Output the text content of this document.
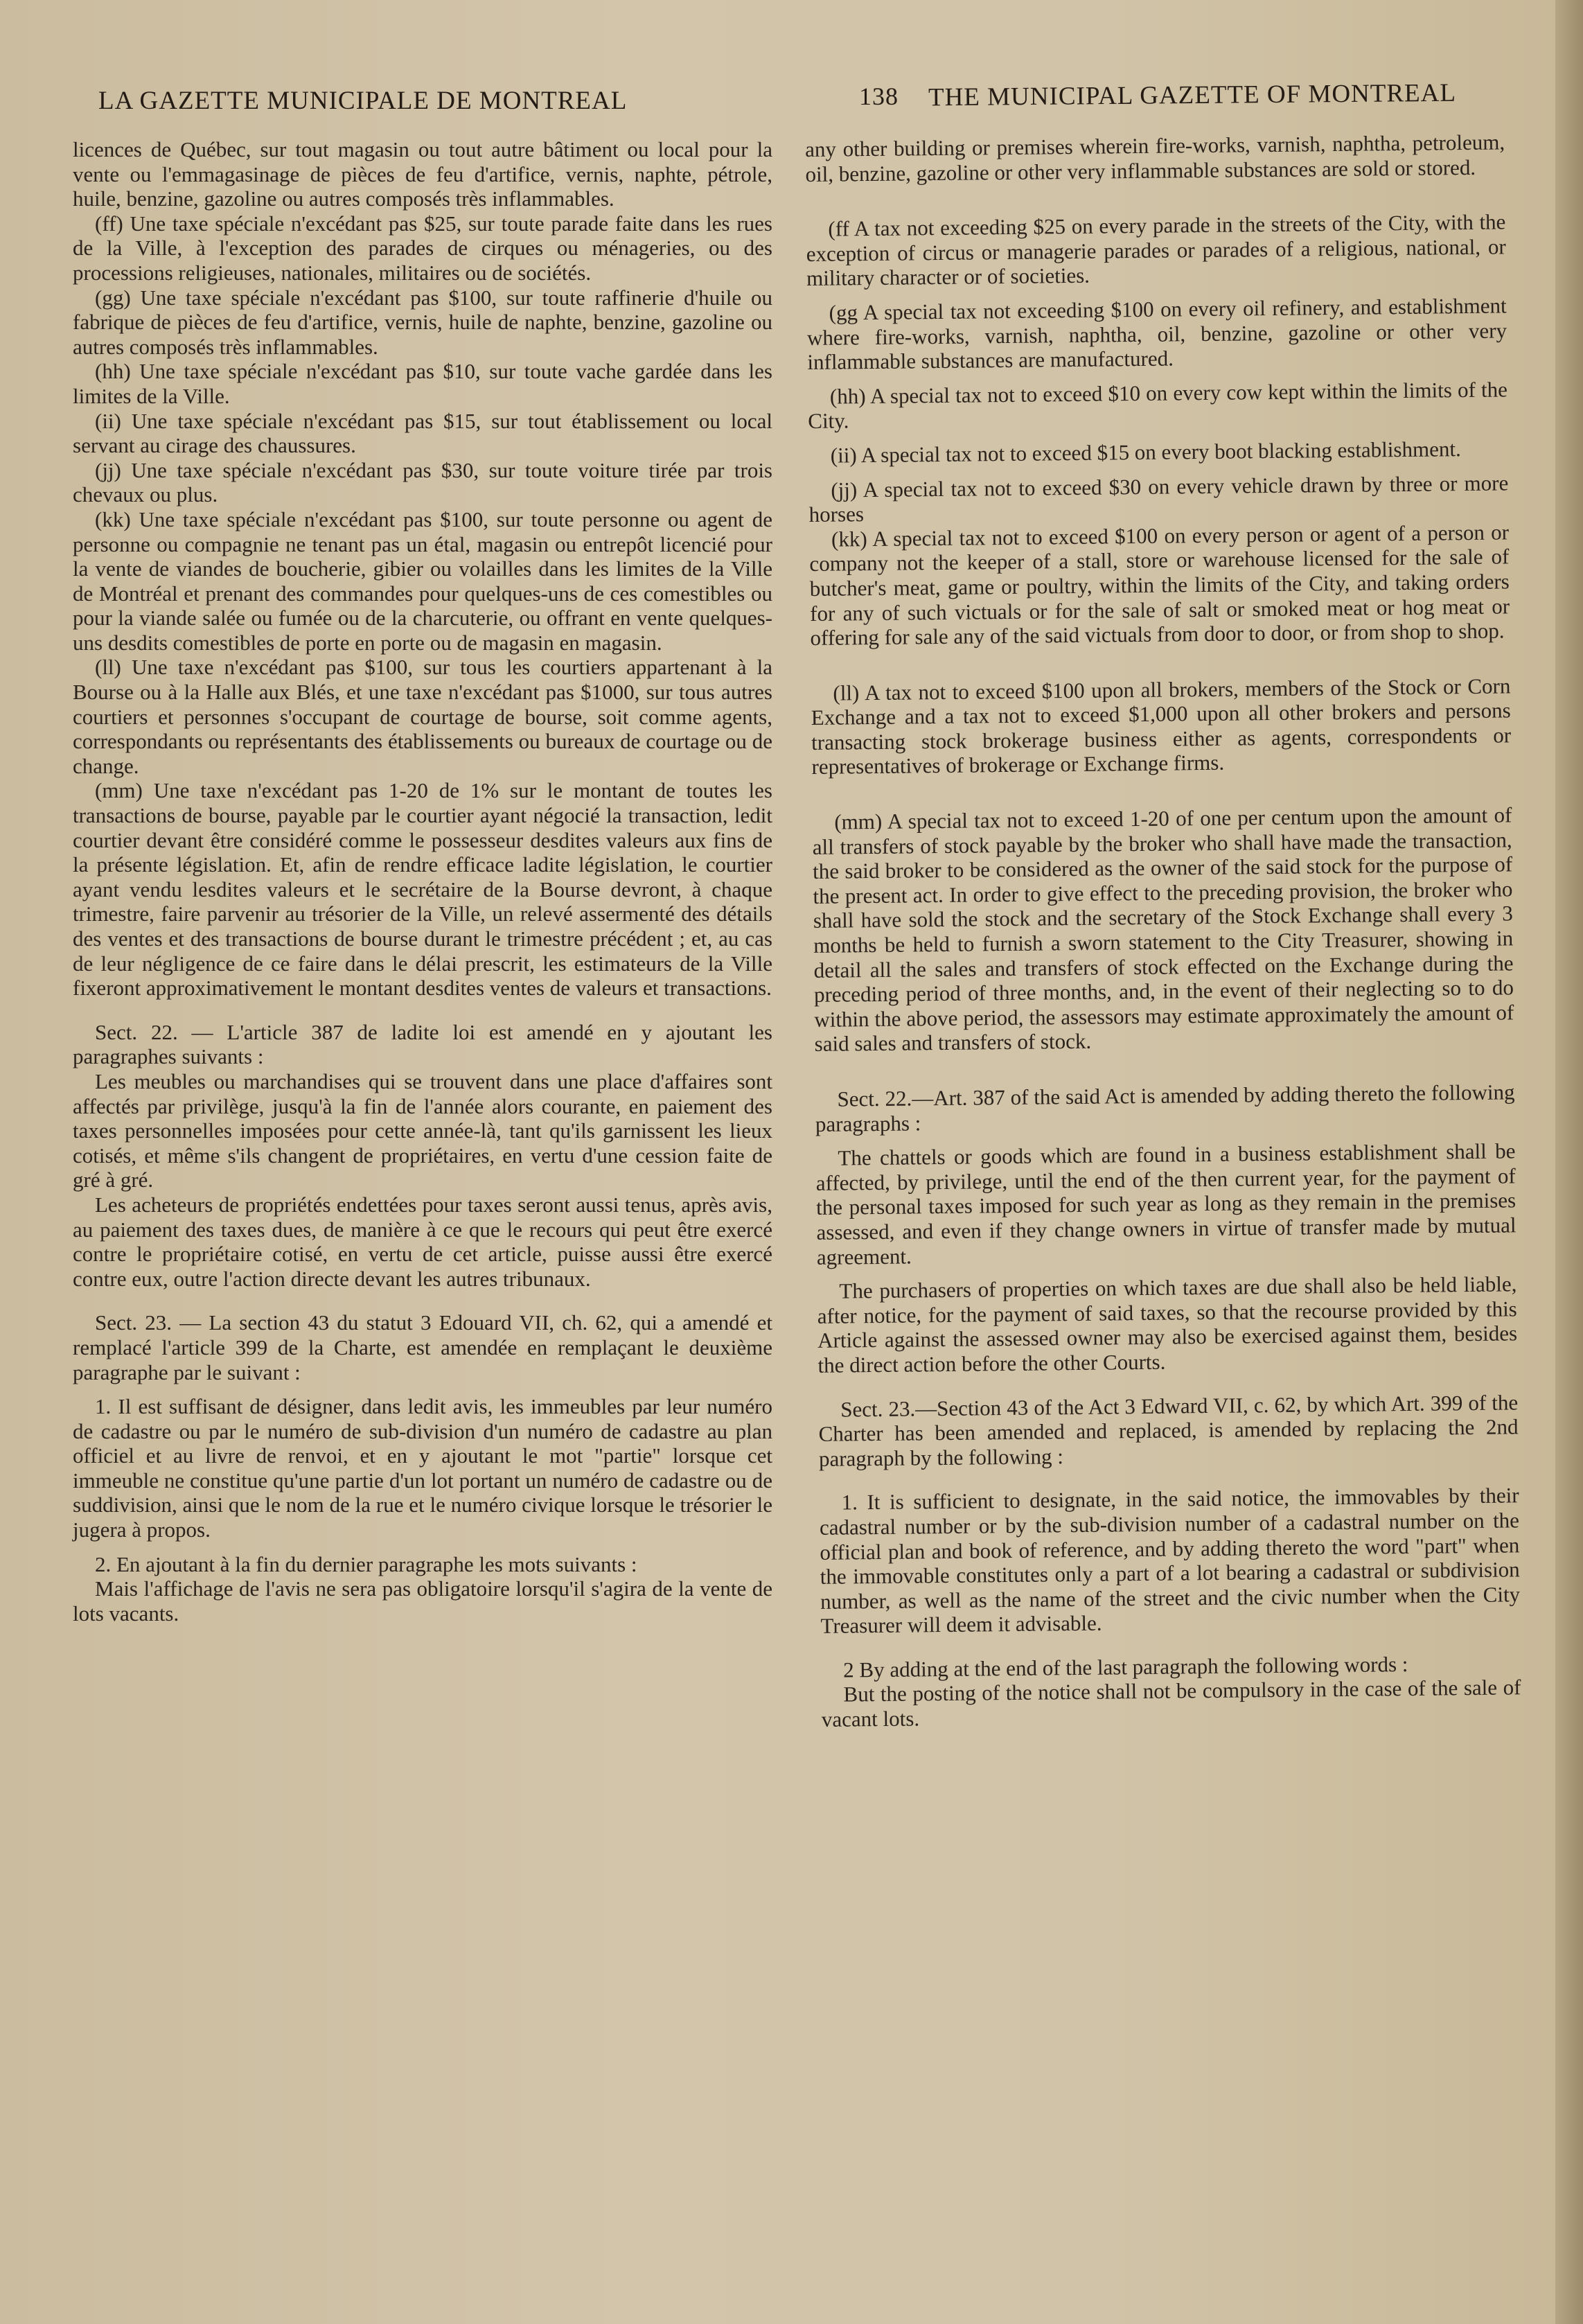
LA GAZETTE MUNICIPALE DE MONTREAL	138 THE MUNICIPAL GAZETTE OF MONTREAL

licences de Québec, sur tout magasin ou tout autre bâtiment ou local pour la vente ou l'emmagasinage de pièces de feu d'artifice, vernis, naphte, pétrole, huile, benzine, gazoline ou autres composés très inflammables.

(ff) Une taxe spéciale n'excédant pas $25, sur toute parade faite dans les rues de la Ville, à l'exception des parades de cirques ou ménageries, ou des processions religieuses, nationales, militaires ou de sociétés.

(gg) Une taxe spéciale n'excédant pas $100, sur toute raffinerie d'huile ou fabrique de pièces de feu d'artifice, vernis, huile de naphte, benzine, gazoline ou autres composés très inflammables.

(hh) Une taxe spéciale n'excédant pas $10, sur toute vache gardée dans les limites de la Ville.

(ii) Une taxe spéciale n'excédant pas $15, sur tout établissement ou local servant au cirage des chaussures.

(jj) Une taxe spéciale n'excédant pas $30, sur toute voiture tirée par trois chevaux ou plus.

(kk) Une taxe spéciale n'excédant pas $100, sur toute personne ou agent de personne ou compagnie ne tenant pas un étal, magasin ou entrepôt licencié pour la vente de viandes de boucherie, gibier ou volailles dans les limites de la Ville de Montréal et prenant des commandes pour quelques-uns de ces comestibles ou pour la viande salée ou fumée ou de la charcuterie, ou offrant en vente quelques-uns desdits comestibles de porte en porte ou de magasin en magasin.

(ll) Une taxe n'excédant pas $100, sur tous les courtiers appartenant à la Bourse ou à la Halle aux Blés, et une taxe n'excédant pas $1000, sur tous autres courtiers et personnes s'occupant de courtage de bourse, soit comme agents, correspondants ou représentants des établissements ou bureaux de courtage ou de change.

(mm) Une taxe n'excédant pas 1-20 de 1% sur le montant de toutes les transactions de bourse, payable par le courtier ayant négocié la transaction, ledit courtier devant être considéré comme le possesseur desdites valeurs aux fins de la présente législation. Et, afin de rendre efficace ladite législation, le courtier ayant vendu lesdites valeurs et le secrétaire de la Bourse devront, à chaque trimestre, faire parvenir au trésorier de la Ville, un relevé assermenté des détails des ventes et des transactions de bourse durant le trimestre précédent ; et, au cas de leur négligence de ce faire dans le délai prescrit, les estimateurs de la Ville fixeront approximativement le montant desdites ventes de valeurs et transactions.

Sect. 22. — L'article 387 de ladite loi est amendé en y ajoutant les paragraphes suivants :

Les meubles ou marchandises qui se trouvent dans une place d'affaires sont affectés par privilège, jusqu'à la fin de l'année alors courante, en paiement des taxes personnelles imposées pour cette année-là, tant qu'ils garnissent les lieux cotisés, et même s'ils changent de propriétaires, en vertu d'une cession faite de gré à gré.

Les acheteurs de propriétés endettées pour taxes seront aussi tenus, après avis, au paiement des taxes dues, de manière à ce que le recours qui peut être exercé contre le propriétaire cotisé, en vertu de cet article, puisse aussi être exercé contre eux, outre l'action directe devant les autres tribunaux.

Sect. 23. — La section 43 du statut 3 Edouard VII, ch. 62, qui a amendé et remplacé l'article 399 de la Charte, est amendée en remplaçant le deuxième paragraphe par le suivant :

1. Il est suffisant de désigner, dans ledit avis, les immeubles par leur numéro de cadastre ou par le numéro de sub-division d'un numéro de cadastre au plan officiel et au livre de renvoi, et en y ajoutant le mot "partie" lorsque cet immeuble ne constitue qu'une partie d'un lot portant un numéro de cadastre ou de suddivision, ainsi que le nom de la rue et le numéro civique lorsque le trésorier le jugera à propos.

2. En ajoutant à la fin du dernier paragraphe les mots suivants :

Mais l'affichage de l'avis ne sera pas obligatoire lorsqu'il s'agira de la vente de lots vacants.

any other building or premises wherein fire-works, varnish, naphtha, petroleum, oil, benzine, gazoline or other very inflammable substances are sold or stored.

(ff A tax not exceeding $25 on every parade in the streets of the City, with the exception of circus or managerie parades or parades of a religious, national, or military character or of societies.

(gg A special tax not exceeding $100 on every oil refinery, and establishment where fire-works, varnish, naphtha, oil, benzine, gazoline or other very inflammable substances are manufactured.

(hh) A special tax not to exceed $10 on every cow kept within the limits of the City.

(ii) A special tax not to exceed $15 on every boot blacking establishment.

(jj) A special tax not to exceed $30 on every vehicle drawn by three or more horses

(kk) A special tax not to exceed $100 on every person or agent of a person or company not the keeper of a stall, store or warehouse licensed for the sale of butcher's meat, game or poultry, within the limits of the City, and taking orders for any of such victuals or for the sale of salt or smoked meat or hog meat or offering for sale any of the said victuals from door to door, or from shop to shop.

(ll) A tax not to exceed $100 upon all brokers, members of the Stock or Corn Exchange and a tax not to exceed $1,000 upon all other brokers and persons transacting stock brokerage business either as agents, correspondents or representatives of brokerage or Exchange firms.

(mm) A special tax not to exceed 1-20 of one per centum upon the amount of all transfers of stock payable by the broker who shall have made the transaction, the said broker to be considered as the owner of the said stock for the purpose of the present act. In order to give effect to the preceding provision, the broker who shall have sold the stock and the secretary of the Stock Exchange shall every 3 months be held to furnish a sworn statement to the City Treasurer, showing in detail all the sales and transfers of stock effected on the Exchange during the preceding period of three months, and, in the event of their neglecting so to do within the above period, the assessors may estimate approximately the amount of said sales and transfers of stock.

Sect. 22.—Art. 387 of the said Act is amended by adding thereto the following paragraphs :

The chattels or goods which are found in a business establishment shall be affected, by privilege, until the end of the then current year, for the payment of the personal taxes imposed for such year as long as they remain in the premises assessed, and even if they change owners in virtue of transfer made by mutual agreement.

The purchasers of properties on which taxes are due shall also be held liable, after notice, for the payment of said taxes, so that the recourse provided by this Article against the assessed owner may also be exercised against them, besides the direct action before the other Courts.

Sect. 23.—Section 43 of the Act 3 Edward VII, c. 62, by which Art. 399 of the Charter has been amended and replaced, is amended by replacing the 2nd paragraph by the following :

1. It is sufficient to designate, in the said notice, the immovables by their cadastral number or by the sub-division number of a cadastral number on the official plan and book of reference, and by adding thereto the word "part" when the immovable constitutes only a part of a lot bearing a cadastral or subdivision number, as well as the name of the street and the civic number when the City Treasurer will deem it advisable.

2 By adding at the end of the last paragraph the following words :

But the posting of the notice shall not be compulsory in the case of the sale of vacant lots.
